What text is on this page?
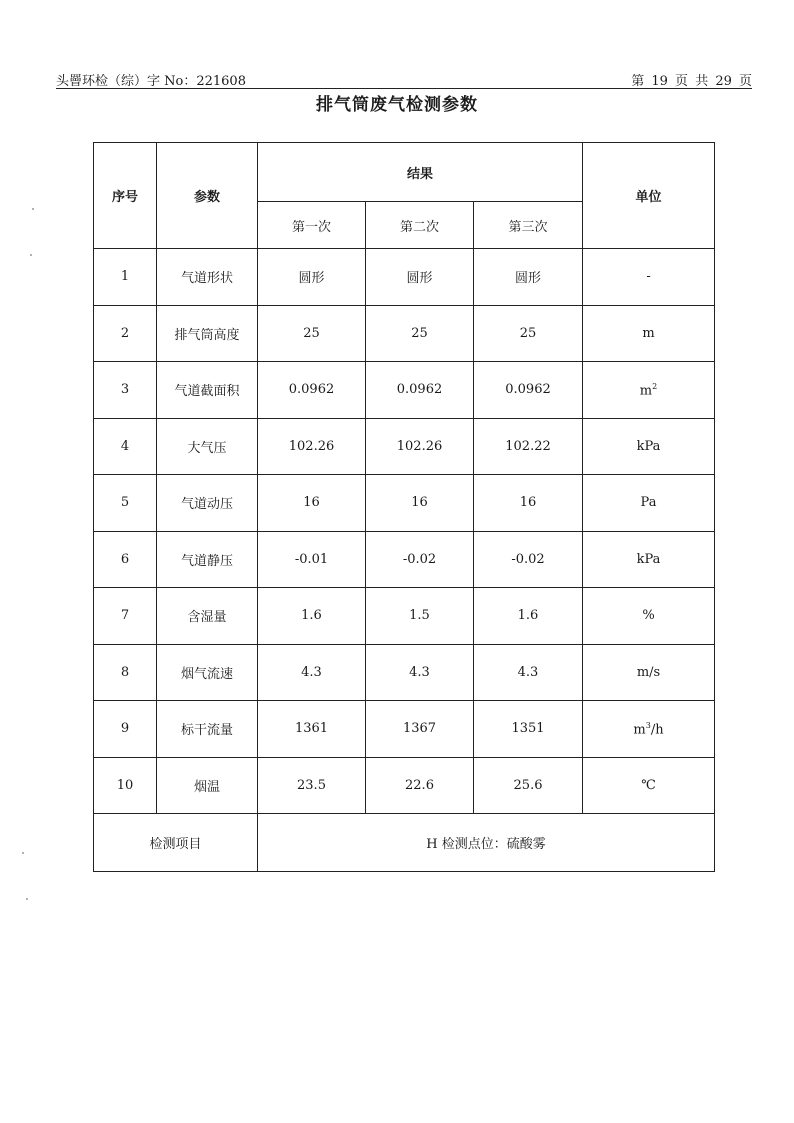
头罾环检（综）字 No：221608	第 19 页 共 29 页
排气筒废气检测参数
序号	参数	结果			单位
		第一次	第二次	第三次	
1	气道形状	圆形	圆形	圆形	-
2	排气筒高度	25	25	25	m
3	气道截面积	0.0962	0.0962	0.0962	$m^2$
4	大气压	102.26	102.26	102.22	kPa
5	气道动压	16	16	16	Pa
6	气道静压	-0.01	-0.02	-0.02	kPa
7	含湿量	1.6	1.5	1.6	%
8	烟气流速	4.3	4.3	4.3	m/s
9	标干流量	1361	1367	1351	$m^3/h$
10	烟温	23.5	22.6	25.6	℃
检测项目		H 检测点位：硫酸雾			
